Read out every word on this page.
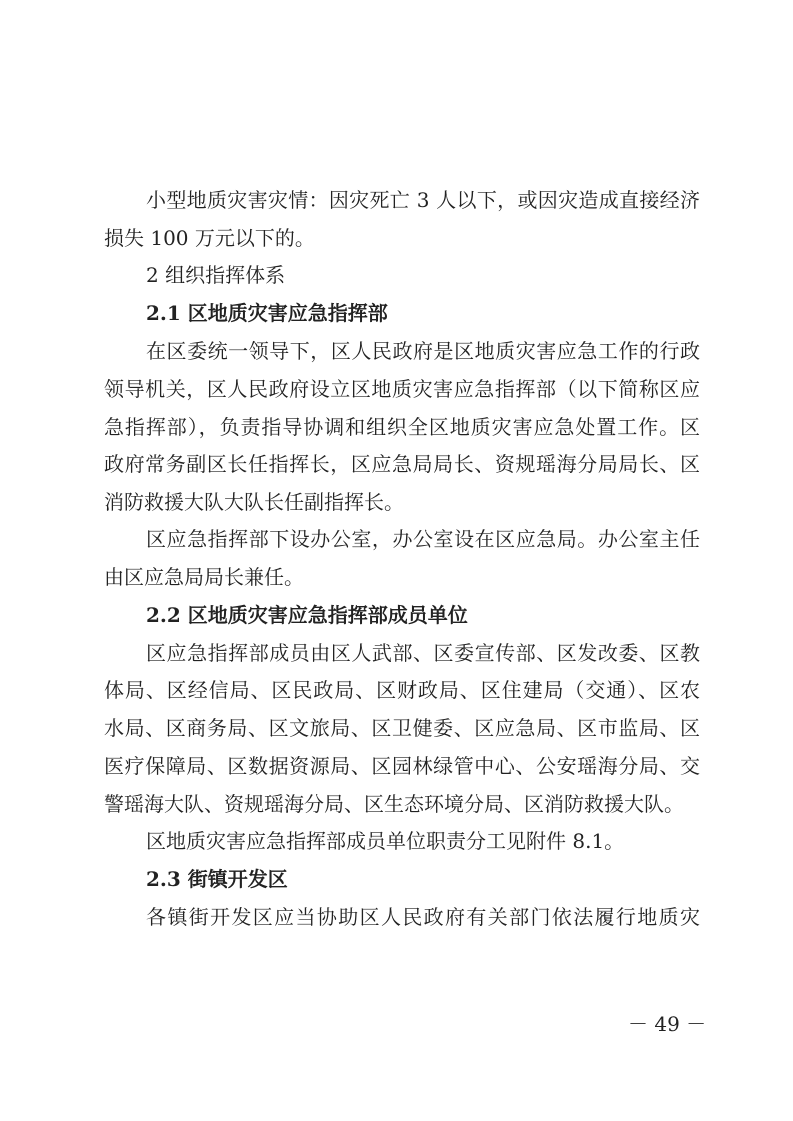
小型地质灾害灾情：因灾死亡 3 人以下，或因灾造成直接经济
损失 100 万元以下的。
2 组织指挥体系
2.1 区地质灾害应急指挥部
在区委统一领导下，区人民政府是区地质灾害应急工作的行政
领导机关，区人民政府设立区地质灾害应急指挥部（以下简称区应
急指挥部），负责指导协调和组织全区地质灾害应急处置工作。区
政府常务副区长任指挥长，区应急局局长、资规瑶海分局局长、区
消防救援大队大队长任副指挥长。
区应急指挥部下设办公室，办公室设在区应急局。办公室主任
由区应急局局长兼任。
2.2 区地质灾害应急指挥部成员单位
区应急指挥部成员由区人武部、区委宣传部、区发改委、区教
体局、区经信局、区民政局、区财政局、区住建局（交通）、区农
水局、区商务局、区文旅局、区卫健委、区应急局、区市监局、区
医疗保障局、区数据资源局、区园林绿管中心、公安瑶海分局、交
警瑶海大队、资规瑶海分局、区生态环境分局、区消防救援大队。
区地质灾害应急指挥部成员单位职责分工见附件 8.1。
2.3 街镇开发区
各镇街开发区应当协助区人民政府有关部门依法履行地质灾
－ 49 －
